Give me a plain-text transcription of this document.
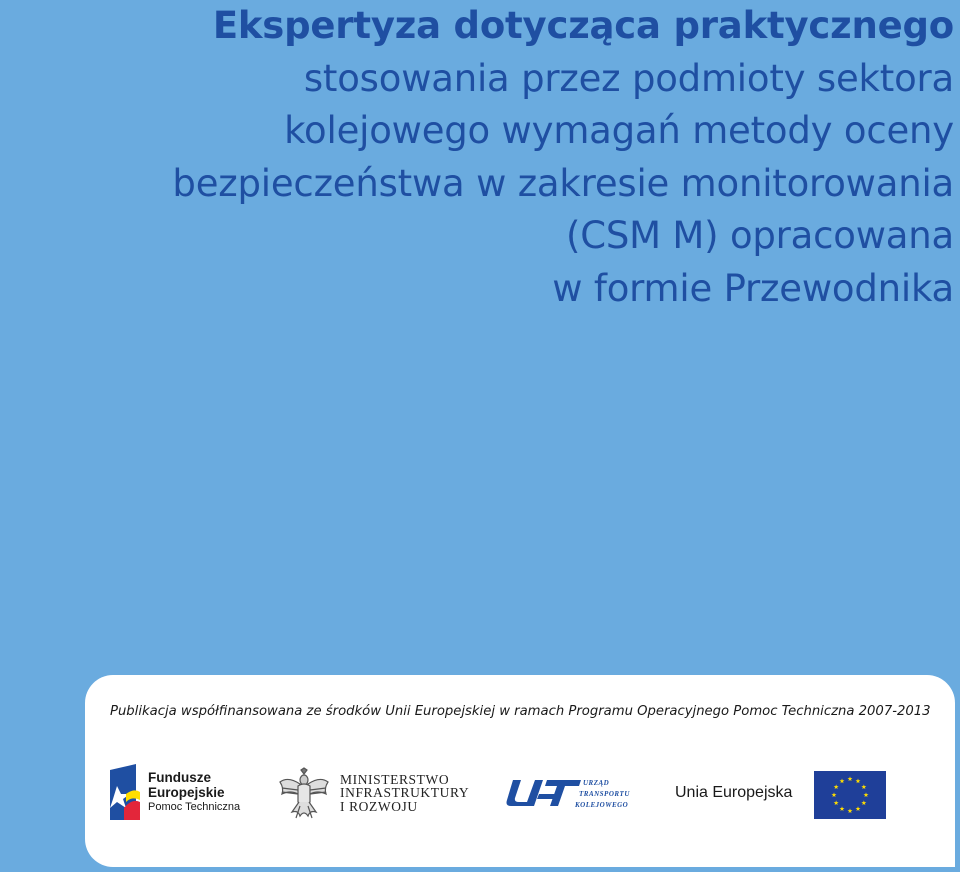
Ekspertyza dotycząca praktycznego
stosowania przez podmioty sektora
kolejowego wymagań metody oceny
bezpieczeństwa w zakresie monitorowania
(CSM M) opracowana
w formie Przewodnika
Publikacja współfinansowana ze środków Unii Europejskiej w ramach Programu Operacyjnego Pomoc Techniczna 2007-2013
Fundusze
Europejskie
Pomoc Techniczna
MINISTERSTWO
INFRASTRUKTURY
I ROZWOJU
URZĄD
TRANSPORTU
KOLEJOWEGO
Unia Europejska
